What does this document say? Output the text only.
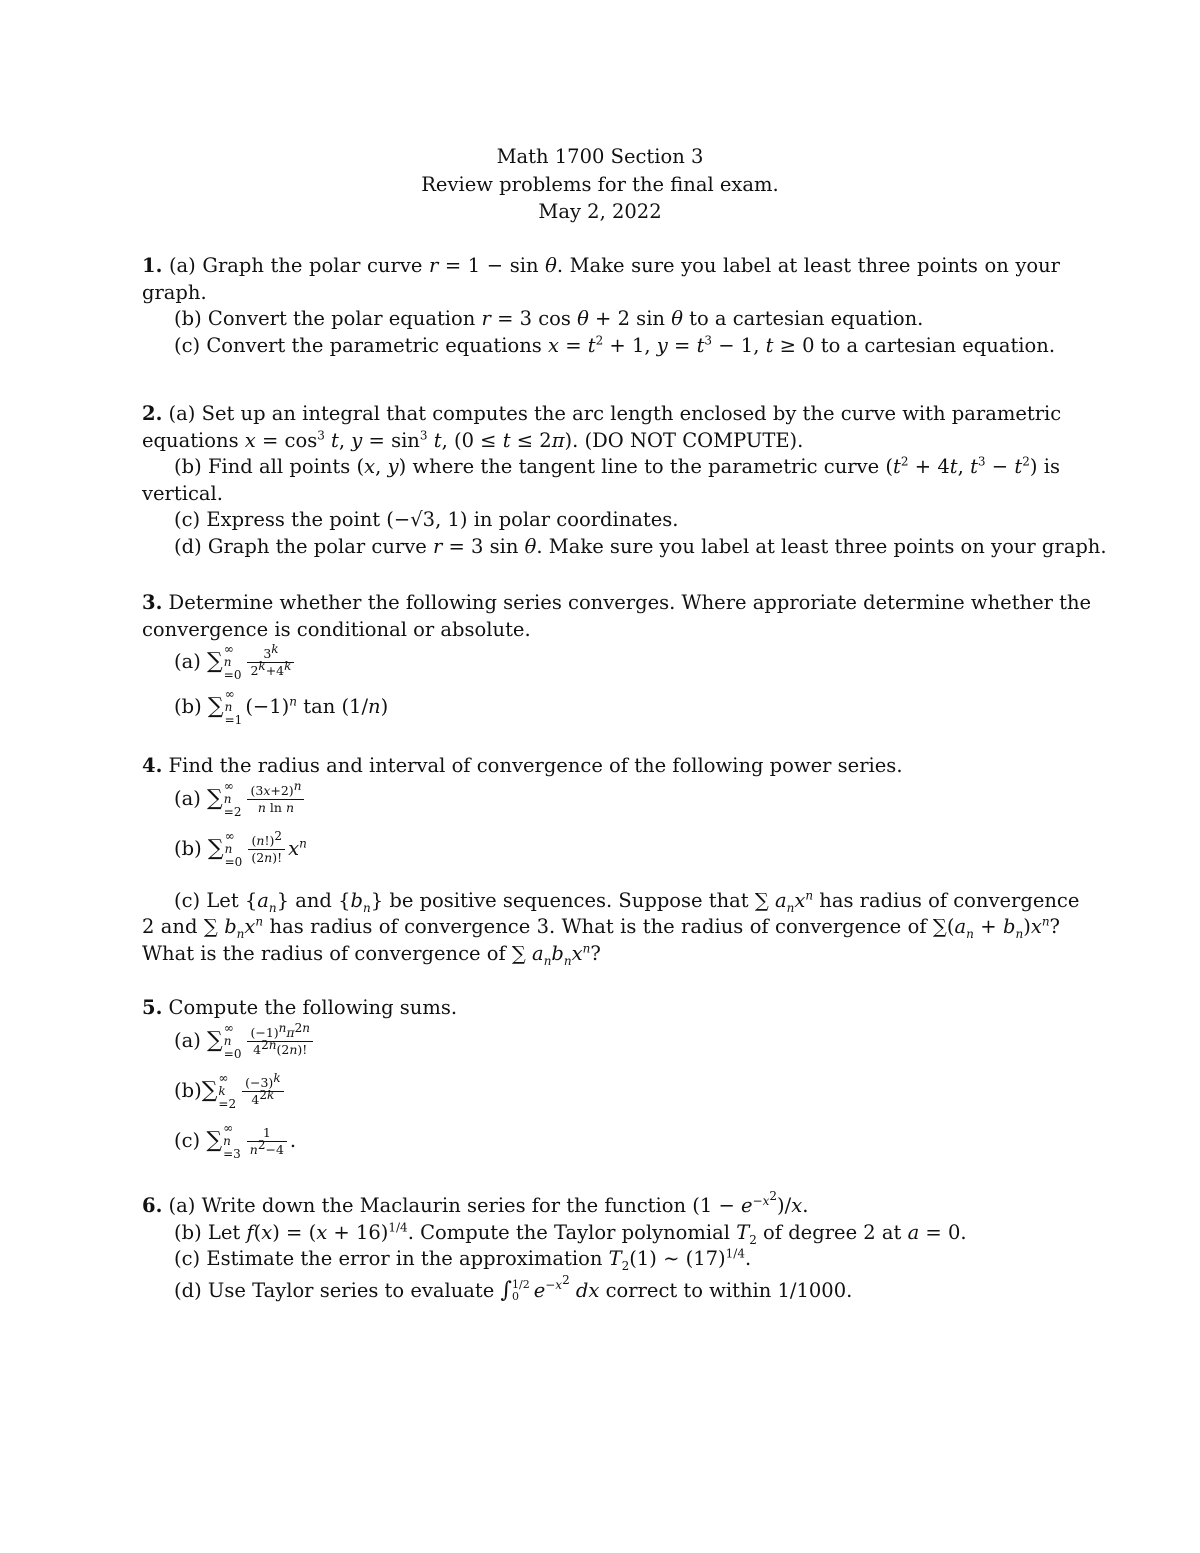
Math 1700 Section 3
Review problems for the final exam.
May 2, 2022
1. (a) Graph the polar curve r = 1 − sin θ. Make sure you label at least three points on your
graph.
(b) Convert the polar equation r = 3 cos θ + 2 sin θ to a cartesian equation.
(c) Convert the parametric equations $x = t^2 + 1$, $y = t^3 - 1$, t ≥ 0 to a cartesian equation.
2. (a) Set up an integral that computes the arc length enclosed by the curve with parametric
equations $x = \cos^3 t$, $y = \sin^3 t$, (0 ≤ t ≤ 2π). (DO NOT COMPUTE).
(b) Find all points (x, y) where the tangent line to the parametric curve ($t^2 + 4t$, $t^3 - t^2$) is
vertical.
(c) Express the point (−√3, 1) in polar coordinates.
(d) Graph the polar curve r = 3 sin θ. Make sure you label at least three points on your graph.
3. Determine whether the following series converges. Where approriate determine whether the
convergence is conditional or absolute.
(a) ∑ ∞
n
$=0 \frac{3^k}{2^k+4^k}$
(b) ∑ ∞
n
=1
$(-1)^n$ tan (1/n)
4. Find the radius and interval of convergence of the following power series.
(a) ∑ ∞
n
$=2 \frac{(3x+2)^n}{\text{n ln n}}$
(b) ∑ ∞
n
$=0 \frac{(n!)^2}{(2n)!} x^n$
(c) Let $\{a_n\}$ and $\{b_n\}$ be positive sequences. Suppose that ∑ $a_nx^n$ has radius of convergence
2 and ∑ $b_nx^n$ has radius of convergence 3. What is the radius of convergence of $\sum(a_n + b_n)x^n$?
What is the radius of convergence of ∑ $a_nb_nx^n$?
5. Compute the following sums.
(a) ∑ ∞
n
$=0 \frac{(-1)^n\pi^{2n}}{4^{2n}(2n)!}$
(b)∑ ∞
k
$=2 \frac{(-3)^k}{4^{2k}}$
(c) ∑ ∞
n
$=3 \frac{1}{n^2-4}$ .
6. (a) Write down the Maclaurin series for the function $(1 - e^{-x^2})/x$.
(b) Let $f(x) = (x + 16)^{1/4}$. Compute the Taylor polynomial $T_2$ of degree 2 at a = 0.
(c) Estimate the error in the approximation $T_2(1)$ ∼ $(17)^{1/4}$.
(d) Use Taylor series to evaluate ∫ 1/2
0 $e^{-x^2}$ dx correct to within 1/1000.
